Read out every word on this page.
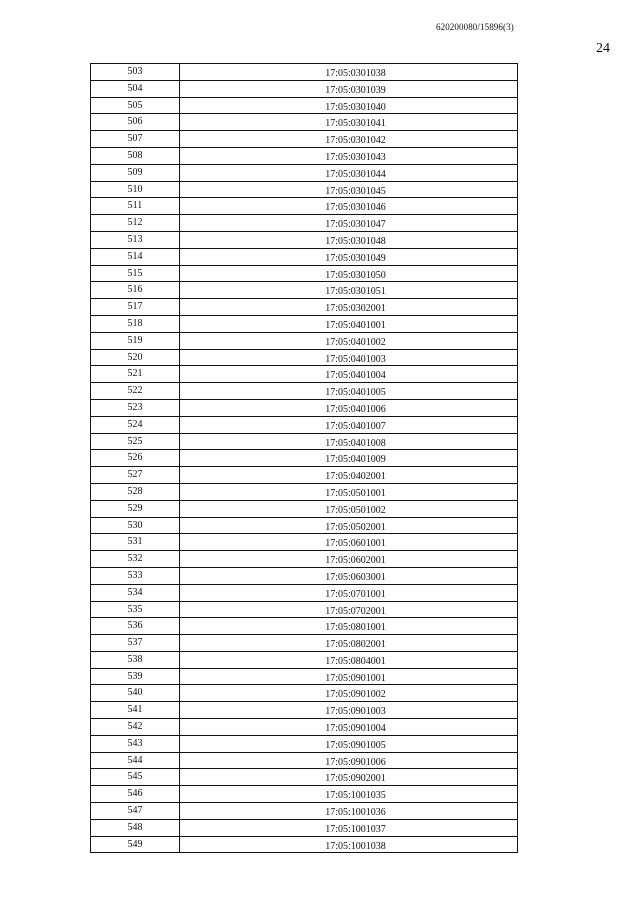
620200080/15896(3)
24
503	17:05:0301038
504	17:05:0301039
505	17:05:0301040
506	17:05:0301041
507	17:05:0301042
508	17:05:0301043
509	17:05:0301044
510	17:05:0301045
511	17:05:0301046
512	17:05:0301047
513	17:05:0301048
514	17:05:0301049
515	17:05:0301050
516	17:05:0301051
517	17:05:0302001
518	17:05:0401001
519	17:05:0401002
520	17:05:0401003
521	17:05:0401004
522	17:05:0401005
523	17:05:0401006
524	17:05:0401007
525	17:05:0401008
526	17:05:0401009
527	17:05:0402001
528	17:05:0501001
529	17:05:0501002
530	17:05:0502001
531	17:05:0601001
532	17:05:0602001
533	17:05:0603001
534	17:05:0701001
535	17:05:0702001
536	17:05:0801001
537	17:05:0802001
538	17:05:0804001
539	17:05:0901001
540	17:05:0901002
541	17:05:0901003
542	17:05:0901004
543	17:05:0901005
544	17:05:0901006
545	17:05:0902001
546	17:05:1001035
547	17:05:1001036
548	17:05:1001037
549	17:05:1001038
